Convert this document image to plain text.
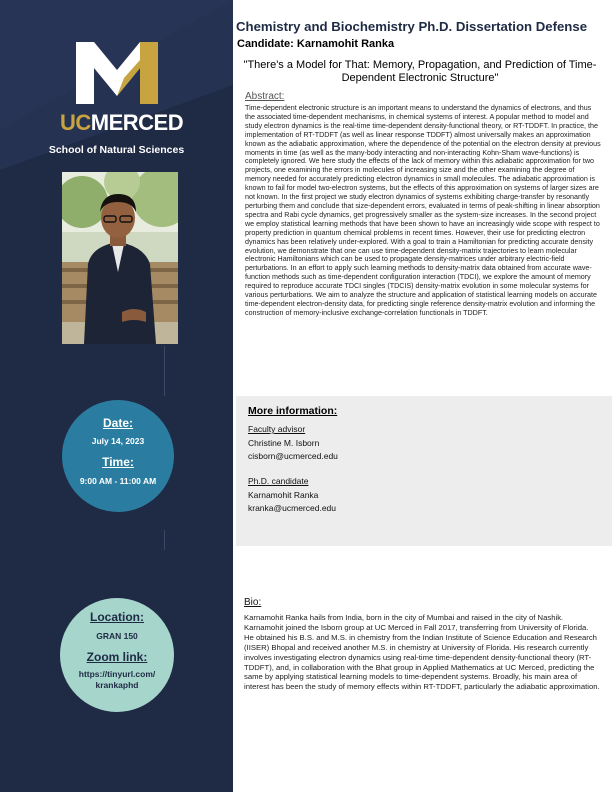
UCMERCED
School of Natural Sciences
Date:
July 14, 2023
Time:
9:00 AM - 11:00 AM
Location:
GRAN 150
Zoom link:
https://tinyurl.com/
krankaphd
Chemistry and Biochemistry Ph.D. Dissertation Defense
Candidate: Karnamohit Ranka
"There's a Model for That: Memory, Propagation, and Prediction of Time-Dependent Electronic Structure"
Abstract:
Time-dependent electronic structure is an important means to understand the dynamics of electrons, and thus the associated time-dependent mechanisms, in chemical systems of interest. A popular method to model and study electron dynamics is the real-time time-dependent density-functional theory, or RT-TDDFT. In practice, the implementation of RT-TDDFT (as well as linear response TDDFT) almost universally makes an approximation known as the adiabatic approximation, where the dependence of the potential on the electron density at previous moments in time (as well as the many-body interacting and non-interacting Kohn-Sham wave-functions) is completely ignored. We here study the effects of the lack of memory within this adiabatic approximation for two projects, one examining the errors in molecules of increasing size and the other examining the degree of memory needed for accurately predicting electron dynamics in small molecules. The adiabatic approximation is known to fail for model two-electron systems, but the effects of this approximation on systems of larger sizes are not known. In the first project we study electron dynamics of systems exhibiting charge-transfer by resonantly perturbing them and conclude that size-dependent errors, evaluated in terms of peak-shifting in linear absorption spectra and Rabi cycle dynamics, get progressively smaller as the system-size increases. In the second project we employ statistical learning methods that have been shown to have an increasingly wide scope with respect to property prediction in quantum chemical problems in recent times. However, their use for predicting electron dynamics has been relatively under-explored. With a goal to train a Hamiltonian for predicting accurate density evolution, we demonstrate that one can use time-dependent density-matrix trajectories to learn molecular electronic Hamiltonians which can be used to propagate density-matrices under arbitrary electric-field perturbations. In an effort to apply such learning methods to density-matrix data obtained from accurate wave-function methods such as time-dependent configuration interaction (TDCI), we explore the amount of memory required to reproduce accurate TDCI singles (TDCIS) density-matrix evolution in some molecular systems for various perturbations. We aim to analyze the structure and application of statistical learning models on accurate time-dependent electron-density data, for predicting single reference density-matrix evolution and informing the construction of memory-inclusive exchange-correlation functionals in TDDFT.
More information:
Faculty advisor
Christine M. Isborn
cisborn@ucmerced.edu
Ph.D. candidate
Karnamohit Ranka
kranka@ucmerced.edu
Bio:
Karnamohit Ranka hails from India, born in the city of Mumbai and raised in the city of Nashik. Karnamohit joined the Isborn group at UC Merced in Fall 2017, transferring from University of Florida. He obtained his B.S. and M.S. in chemistry from the Indian Institute of Science Education and Research (IISER) Bhopal and received another M.S. in chemistry at University of Florida. His research currently involves investigating electron dynamics using real-time time-dependent density-functional theory (RT-TDDFT), and, in collaboration with the Bhat group in Applied Mathematics at UC Merced, predicting the same by applying statistical learning models to time-dependent systems. Broadly, his main area of interest has been the study of memory effects within RT-TDDFT, particularly the adiabatic approximation.
